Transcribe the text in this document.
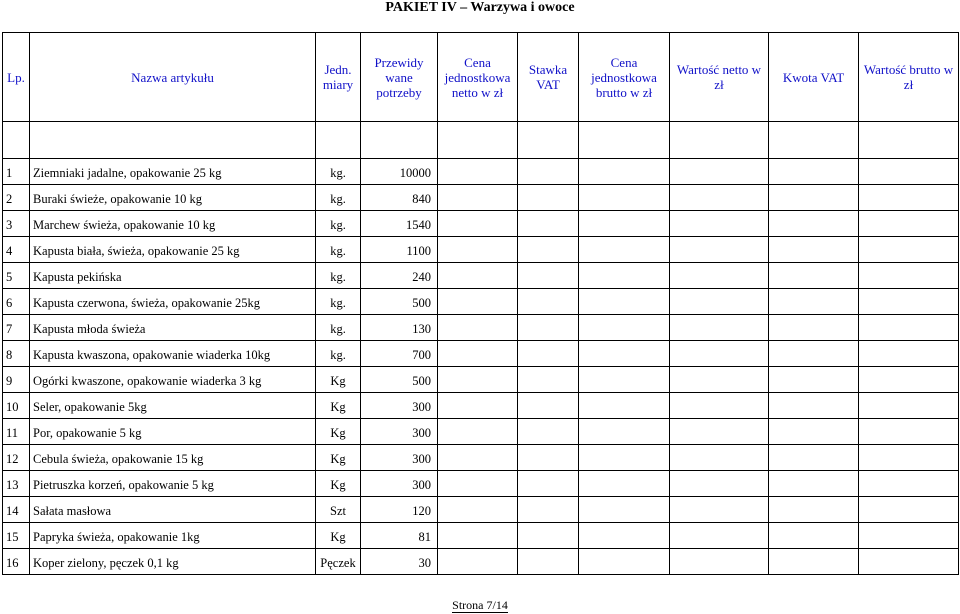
PAKIET IV – Warzywa i owoce
Lp.	Nazwa artykułu	Jedn. miary	Przewidy wane potrzeby	Cena jednostkowa netto w zł	Stawka VAT	Cena jednostkowa brutto w zł	Wartość netto w zł	Kwota VAT	Wartość brutto w zł

1	Ziemniaki jadalne, opakowanie 25 kg	kg.	10000						
2	Buraki świeże, opakowanie 10 kg	kg.	840						
3	Marchew świeża, opakowanie 10 kg	kg.	1540						
4	Kapusta biała, świeża, opakowanie 25 kg	kg.	1100						
5	Kapusta pekińska	kg.	240						
6	Kapusta czerwona, świeża, opakowanie 25kg	kg.	500						
7	Kapusta młoda świeża	kg.	130						
8	Kapusta kwaszona, opakowanie wiaderka 10kg	kg.	700						
9	Ogórki kwaszone, opakowanie wiaderka 3 kg	Kg	500						
10	Seler, opakowanie 5kg	Kg	300						
11	Por, opakowanie 5 kg	Kg	300						
12	Cebula świeża, opakowanie 15 kg	Kg	300						
13	Pietruszka korzeń, opakowanie 5 kg	Kg	300						
14	Sałata masłowa	Szt	120						
15	Papryka świeża, opakowanie 1kg	Kg	81						
16	Koper zielony, pęczek 0,1 kg	Pęczek	30						
Strona 7/14
